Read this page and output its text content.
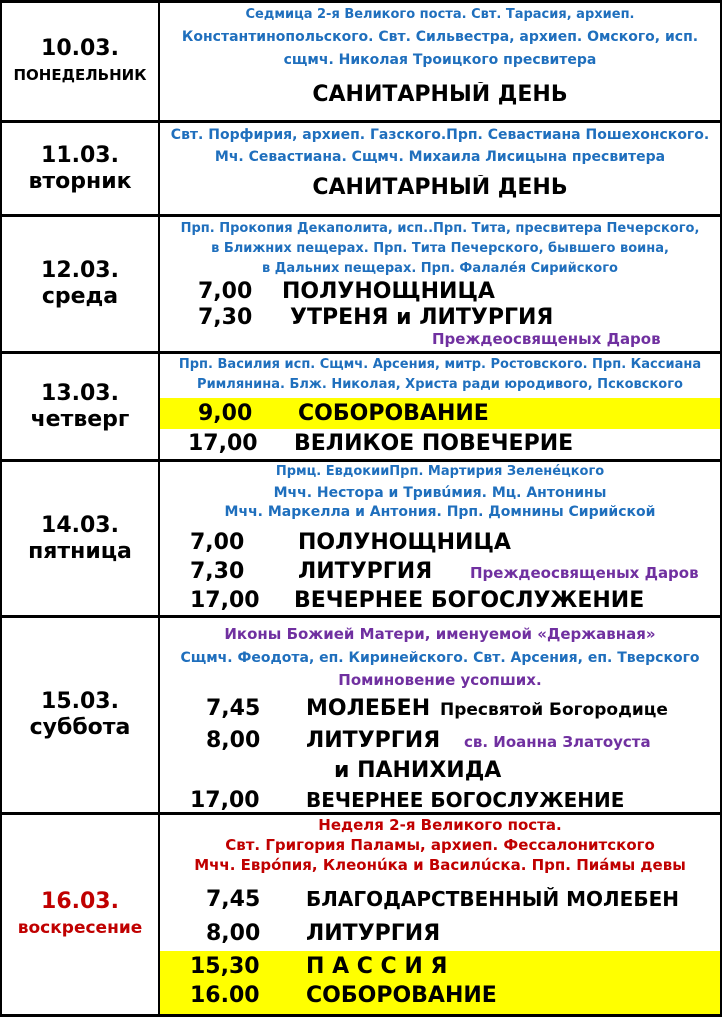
10.03.
ПОНЕДЕЛЬНИК
Седмица 2-я Великого поста. Свт. Тарасия, архиеп.
Константинопольского. Свт. Сильвестра, архиеп. Омского, исп.
сщмч. Николая Троицкого пресвитера
САНИТАРНЫЙ ДЕНЬ
11.03.
вторник
Свт. Порфирия, архиеп. Газского.Прп. Севастиана Пошехонского.
Мч. Севастиана. Сщмч. Михаила Лисицына пресвитера
САНИТАРНЫЙ ДЕНЬ
12.03.
среда
Прп. Прокопия Декаполита, исп..Прп. Тита, пресвитера Печерского,
в Ближних пещерах. Прп. Тита Печерского, бывшего воина,
в Дальних пещерах. Прп. Фалалéя Сирийского
7,00 ПОЛУНОЩНИЦА
7,30 УТРЕНЯ и ЛИТУРГИЯ
Преждеосвященых Даров
13.03.
четверг
Прп. Василия исп. Сщмч. Арсения, митр. Ростовского. Прп. Кассиана
Римлянина. Блж. Николая, Христа ради юродивого, Псковского
9,00 СОБОРОВАНИЕ
17,00 ВЕЛИКОЕ ПОВЕЧЕРИЕ
14.03.
пятница
Прмц. ЕвдокииПрп. Мартирия Зеленéцкого
Мчч. Нестора и Тривúмия. Мц. Антонины
Мчч. Маркелла и Антония. Прп. Домнины Сирийской
7,00 ПОЛУНОЩНИЦА
7,30 ЛИТУРГИЯ	Преждеосвященых Даров
17,00 ВЕЧЕРНЕЕ БОГОСЛУЖЕНИЕ
15.03.
суббота
Иконы Божией Матери, именуемой «Державная»
Сщмч. Феодота, еп. Киринейского. Свт. Арсения, еп. Тверского
Поминовение усопших.
7,45 МОЛЕБЕН Пресвятой Богородице
8,00 ЛИТУРГИЯ св. Иоанна Златоуста
и ПАНИХИДА
17,00 ВЕЧЕРНЕЕ БОГОСЛУЖЕНИЕ
16.03.
воскресение
Неделя 2-я Великого поста.
Свт. Григория Паламы, архиеп. Фессалонитского
Мчч. Еврóпия, Клеонúка и Василúска. Прп. Пиáмы девы
7,45 БЛАГОДАРСТВЕННЫЙ МОЛЕБЕН
8,00 ЛИТУРГИЯ
15,30 П А С С И Я
16.00 СОБОРОВАНИЕ
